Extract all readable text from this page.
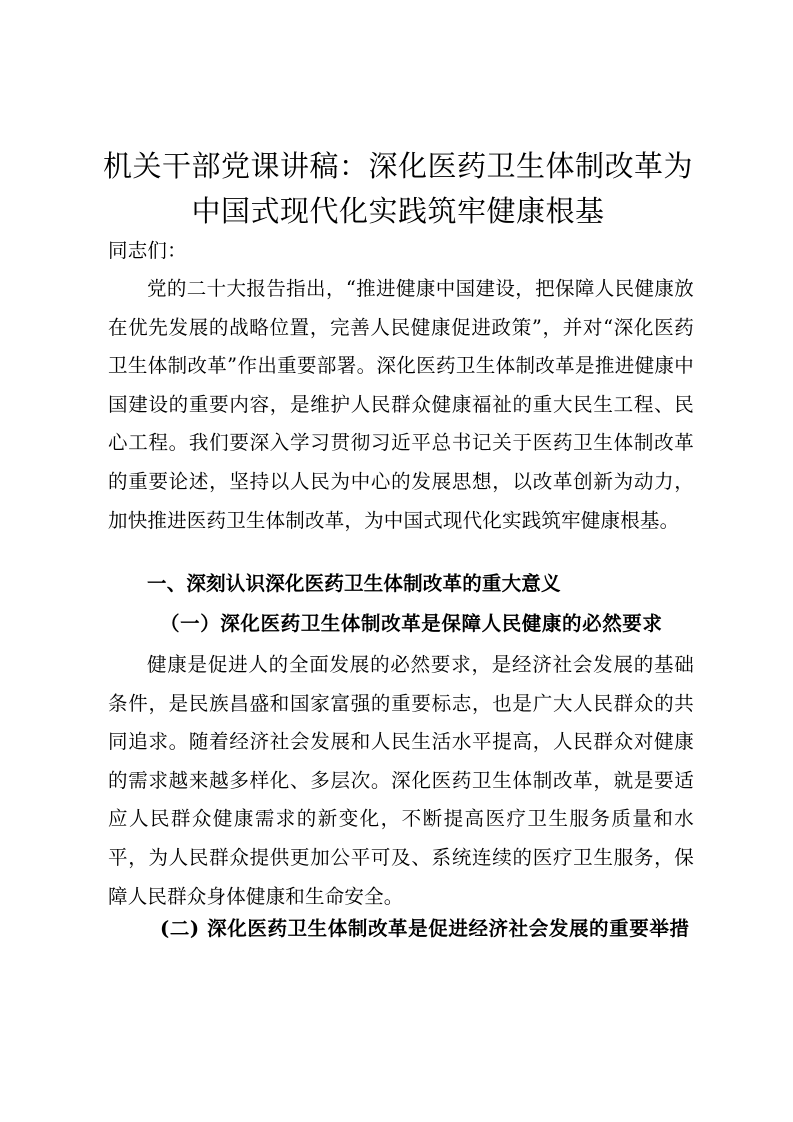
机关干部党课讲稿：深化医药卫生体制改革为中国式现代化实践筑牢健康根基
同志们：
党的二十大报告指出，“推进健康中国建设，把保障人民健康放在优先发展的战略位置，完善人民健康促进政策”，并对“深化医药卫生体制改革”作出重要部署。深化医药卫生体制改革是推进健康中国建设的重要内容，是维护人民群众健康福祉的重大民生工程、民心工程。我们要深入学习贯彻习近平总书记关于医药卫生体制改革的重要论述，坚持以人民为中心的发展思想，以改革创新为动力，加快推进医药卫生体制改革，为中国式现代化实践筑牢健康根基。
一、深刻认识深化医药卫生体制改革的重大意义
（一）深化医药卫生体制改革是保障人民健康的必然要求
健康是促进人的全面发展的必然要求，是经济社会发展的基础条件，是民族昌盛和国家富强的重要标志，也是广大人民群众的共同追求。随着经济社会发展和人民生活水平提高，人民群众对健康的需求越来越多样化、多层次。深化医药卫生体制改革，就是要适应人民群众健康需求的新变化，不断提高医疗卫生服务质量和水平，为人民群众提供更加公平可及、系统连续的医疗卫生服务，保障人民群众身体健康和生命安全。
(二) 深化医药卫生体制改革是促进经济社会发展的重要举措
